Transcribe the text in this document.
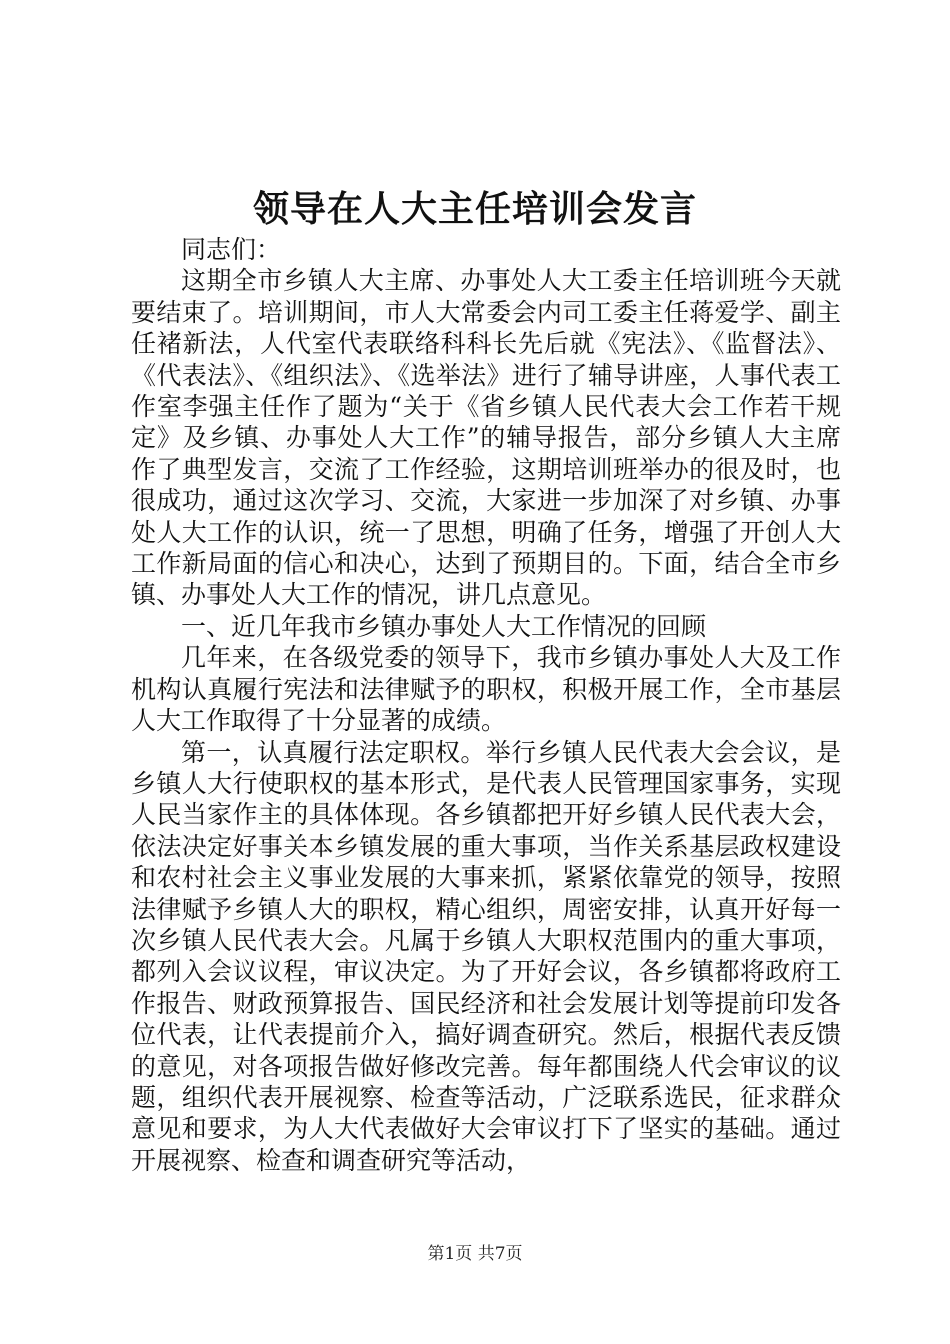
领导在人大主任培训会发言

同志们：

这期全市乡镇人大主席、办事处人大工委主任培训班今天就要结束了。培训期间，市人大常委会内司工委主任蒋爱学、副主任褚新法，人代室代表联络科科长先后就《宪法》、《监督法》、《代表法》、《组织法》、《选举法》进行了辅导讲座，人事代表工作室李强主任作了题为“关于《省乡镇人民代表大会工作若干规定》及乡镇、办事处人大工作”的辅导报告，部分乡镇人大主席作了典型发言，交流了工作经验，这期培训班举办的很及时，也很成功，通过这次学习、交流，大家进一步加深了对乡镇、办事处人大工作的认识，统一了思想，明确了任务，增强了开创人大工作新局面的信心和决心，达到了预期目的。下面，结合全市乡镇、办事处人大工作的情况，讲几点意见。

一、近几年我市乡镇办事处人大工作情况的回顾

几年来，在各级党委的领导下，我市乡镇办事处人大及工作机构认真履行宪法和法律赋予的职权，积极开展工作，全市基层人大工作取得了十分显著的成绩。

第一，认真履行法定职权。举行乡镇人民代表大会会议，是乡镇人大行使职权的基本形式，是代表人民管理国家事务，实现人民当家作主的具体体现。各乡镇都把开好乡镇人民代表大会，依法决定好事关本乡镇发展的重大事项，当作关系基层政权建设和农村社会主义事业发展的大事来抓，紧紧依靠党的领导，按照法律赋予乡镇人大的职权，精心组织，周密安排，认真开好每一次乡镇人民代表大会。凡属于乡镇人大职权范围内的重大事项，都列入会议议程，审议决定。为了开好会议，各乡镇都将政府工作报告、财政预算报告、国民经济和社会发展计划等提前印发各位代表，让代表提前介入，搞好调查研究。然后，根据代表反馈的意见，对各项报告做好修改完善。每年都围绕人代会审议的议题，组织代表开展视察、检查等活动，广泛联系选民，征求群众意见和要求，为人大代表做好大会审议打下了坚实的基础。通过开展视察、检查和调查研究等活动，

第1页 共7页
